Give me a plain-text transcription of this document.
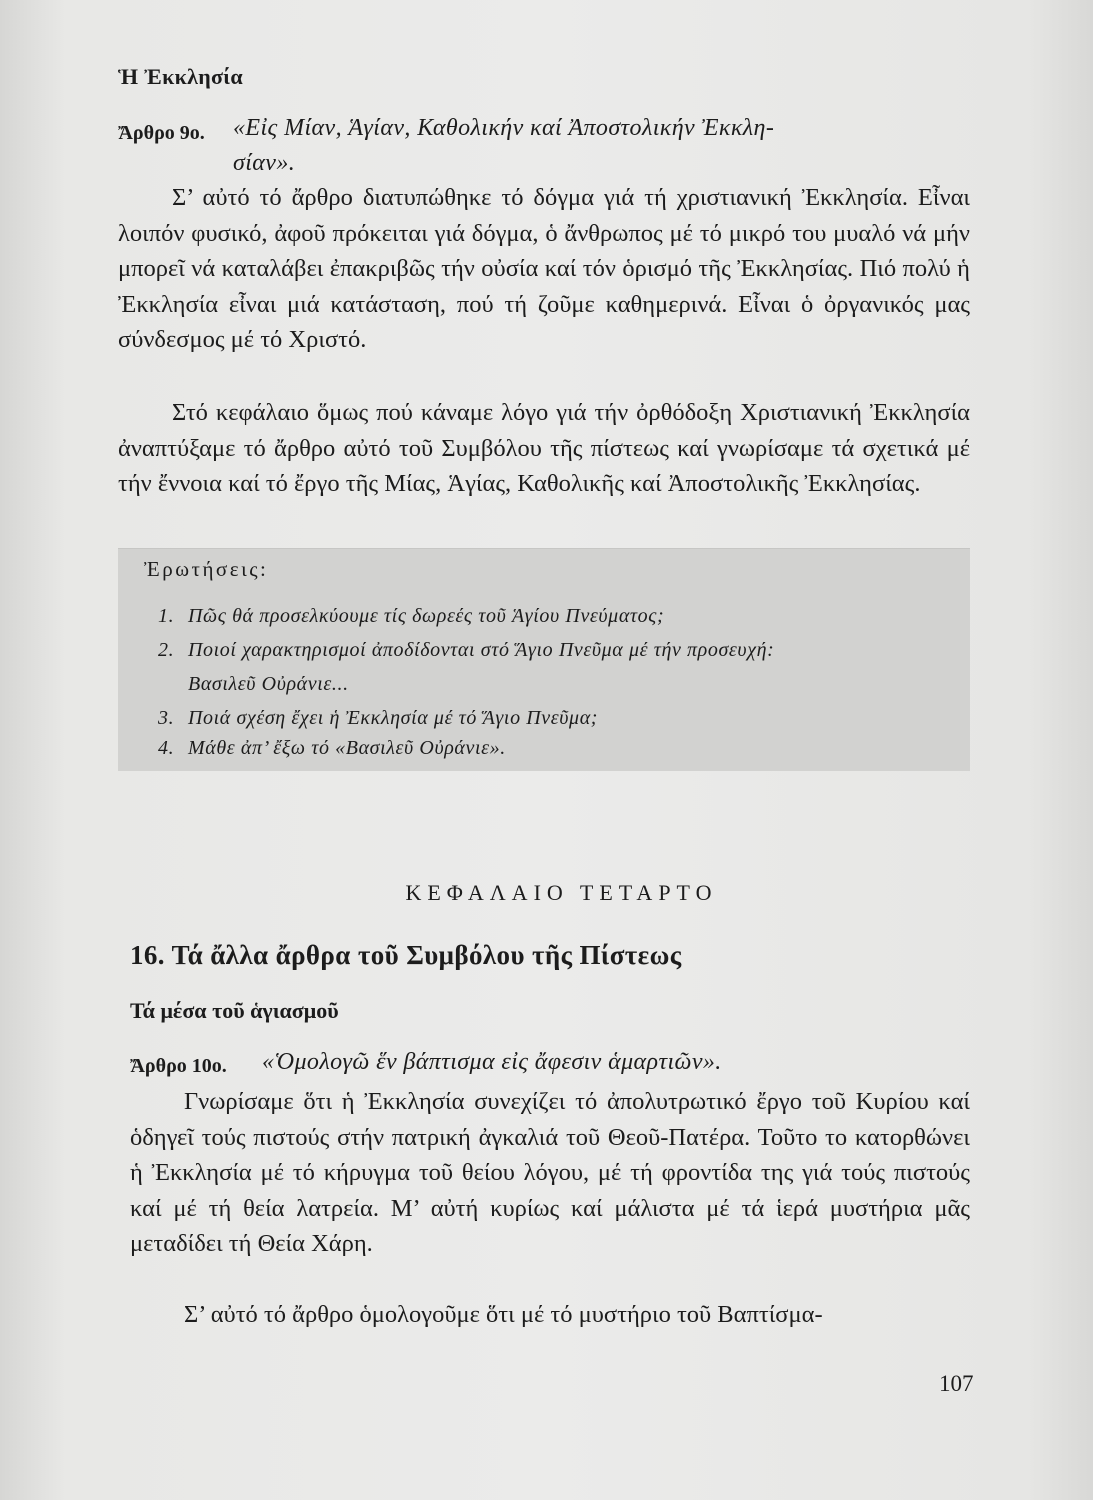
Ἡ Ἐκκλησία
Ἄρθρο 9ο. «Εἰς Μίαν, Ἁγίαν, Καθολικήν καί Ἀποστολικήν Ἐκκλη-
σίαν».
Σ’ αὐτό τό ἄρθρο διατυπώθηκε τό δόγμα γιά τή χριστιανική Ἐκκλησία. Εἶναι λοιπόν φυσικό, ἀφοῦ πρόκειται γιά δόγμα, ὁ ἄνθρωπος μέ τό μικρό του μυαλό νά μήν μπορεῖ νά καταλάβει ἐπακριβῶς τήν οὐσία καί τόν ὁρισμό τῆς Ἐκκλησίας. Πιό πολύ ἡ Ἐκκλησία εἶναι μιά κατάσταση, πού τή ζοῦμε καθημερινά. Εἶναι ὁ ὀργανικός μας σύνδεσμος μέ τό Χριστό.
Στό κεφάλαιο ὅμως πού κάναμε λόγο γιά τήν ὀρθόδοξη Χριστιανική Ἐκκλησία ἀναπτύξαμε τό ἄρθρο αὐτό τοῦ Συμβόλου τῆς πίστεως καί γνωρίσαμε τά σχετικά μέ τήν ἔννοια καί τό ἔργο τῆς Μίας, Ἁγίας, Καθολικῆς καί Ἀποστολικῆς Ἐκκλησίας.
Ἐρωτήσεις:
1. Πῶς θά προσελκύουμε τίς δωρεές τοῦ Ἁγίου Πνεύματος;
2. Ποιοί χαρακτηρισμοί ἀποδίδονται στό Ἅγιο Πνεῦμα μέ τήν προσευχή:
Βασιλεῦ Οὐράνιε...
3. Ποιά σχέση ἔχει ἡ Ἐκκλησία μέ τό Ἅγιο Πνεῦμα;
4. Μάθε ἀπ’ ἔξω τό «Βασιλεῦ Οὐράνιε».
ΚΕΦΑΛΑΙΟ ΤΕΤΑΡΤΟ
16. Τά ἄλλα ἄρθρα τοῦ Συμβόλου τῆς Πίστεως
Τά μέσα τοῦ ἁγιασμοῦ
Ἄρθρο 10ο. «Ὁμολογῶ ἕν βάπτισμα εἰς ἄφεσιν ἁμαρτιῶν».
Γνωρίσαμε ὅτι ἡ Ἐκκλησία συνεχίζει τό ἀπολυτρωτικό ἔργο τοῦ Κυρίου καί ὁδηγεῖ τούς πιστούς στήν πατρική ἀγκαλιά τοῦ Θεοῦ-Πατέρα. Τοῦτο το κατορθώνει ἡ Ἐκκλησία μέ τό κήρυγμα τοῦ θείου λόγου, μέ τή φροντίδα της γιά τούς πιστούς καί μέ τή θεία λατρεία. Μ’ αὐτή κυρίως καί μάλιστα μέ τά ἱερά μυστήρια μᾶς μεταδίδει τή Θεία Χάρη.
Σ’ αὐτό τό ἄρθρο ὁμολογοῦμε ὅτι μέ τό μυστήριο τοῦ Βαπτίσμα-
107
